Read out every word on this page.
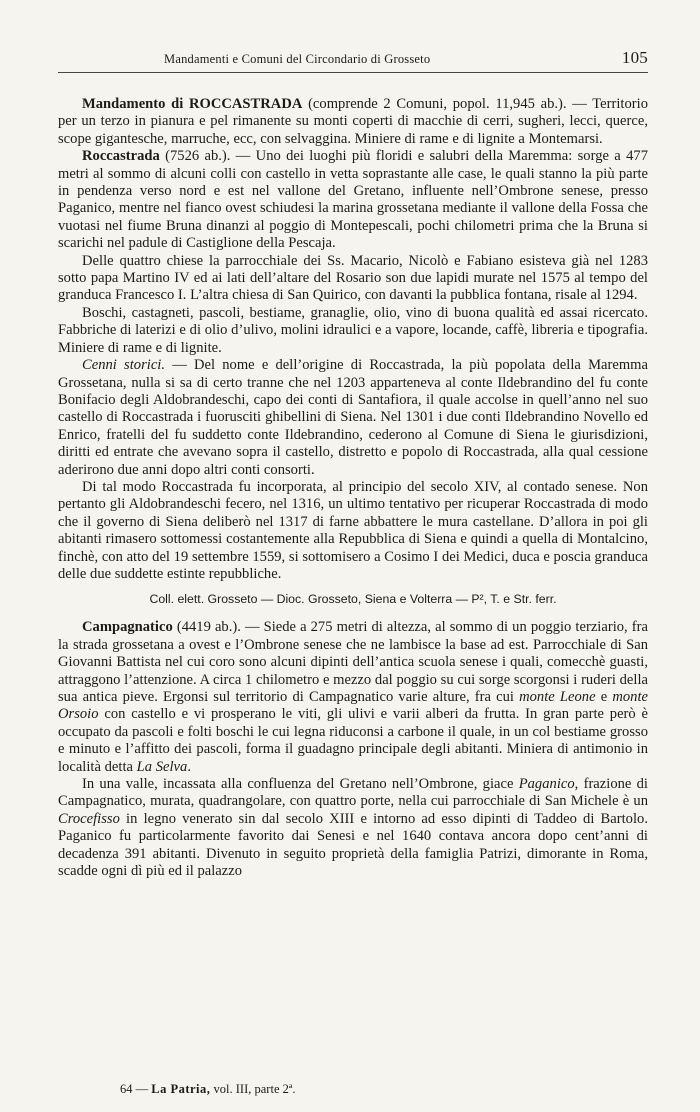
Mandamenti e Comuni del Circondario di Grosseto	105

Mandamento di ROCCASTRADA (comprende 2 Comuni, popol. 11,945 ab.). — Territorio per un terzo in pianura e pel rimanente su monti coperti di macchie di cerri, sugheri, lecci, querce, scope gigantesche, marruche, ecc, con selvaggina. Miniere di rame e di lignite a Montemarsi.

Roccastrada (7526 ab.). — Uno dei luoghi più floridi e salubri della Maremma: sorge a 477 metri al sommo di alcuni colli con castello in vetta soprastante alle case, le quali stanno la più parte in pendenza verso nord e est nel vallone del Gretano, influente nell’Ombrone senese, presso Paganico, mentre nel fianco ovest schiudesi la marina grossetana mediante il vallone della Fossa che vuotasi nel fiume Bruna dinanzi al poggio di Montepescali, pochi chilometri prima che la Bruna si scarichi nel padule di Castiglione della Pescaja.

Delle quattro chiese la parrocchiale dei Ss. Macario, Nicolò e Fabiano esisteva già nel 1283 sotto papa Martino IV ed ai lati dell’altare del Rosario son due lapidi murate nel 1575 al tempo del granduca Francesco I. L’altra chiesa di San Quirico, con davanti la pubblica fontana, risale al 1294.

Boschi, castagneti, pascoli, bestiame, granaglie, olio, vino di buona qualità ed assai ricercato. Fabbriche di laterizi e di olio d’ulivo, molini idraulici e a vapore, locande, caffè, libreria e tipografia. Miniere di rame e di lignite.

Cenni storici. — Del nome e dell’origine di Roccastrada, la più popolata della Maremma Grossetana, nulla si sa di certo tranne che nel 1203 apparteneva al conte Ildebrandino del fu conte Bonifacio degli Aldobrandeschi, capo dei conti di Santafiora, il quale accolse in quell’anno nel suo castello di Roccastrada i fuorusciti ghibellini di Siena. Nel 1301 i due conti Ildebrandino Novello ed Enrico, fratelli del fu suddetto conte Ildebrandino, cederono al Comune di Siena le giurisdizioni, diritti ed entrate che avevano sopra il castello, distretto e popolo di Roccastrada, alla qual cessione aderirono due anni dopo altri conti consorti.

Di tal modo Roccastrada fu incorporata, al principio del secolo XIV, al contado senese. Non pertanto gli Aldobrandeschi fecero, nel 1316, un ultimo tentativo per ricuperar Roccastrada di modo che il governo di Siena deliberò nel 1317 di farne abbattere le mura castellane. D’allora in poi gli abitanti rimasero sottomessi costantemente alla Repubblica di Siena e quindi a quella di Montalcino, finchè, con atto del 19 settembre 1559, si sottomisero a Cosimo I dei Medici, duca e poscia granduca delle due suddette estinte repubbliche.

Coll. elett. Grosseto — Dioc. Grosseto, Siena e Volterra — P², T. e Str. ferr.

Campagnatico (4419 ab.). — Siede a 275 metri di altezza, al sommo di un poggio terziario, fra la strada grossetana a ovest e l’Ombrone senese che ne lambisce la base ad est. Parrocchiale di San Giovanni Battista nel cui coro sono alcuni dipinti dell’antica scuola senese i quali, comecchè guasti, attraggono l’attenzione. A circa 1 chilometro e mezzo dal poggio su cui sorge scorgonsi i ruderi della sua antica pieve. Ergonsi sul territorio di Campagnatico varie alture, fra cui monte Leone e monte Orsoio con castello e vi prosperano le viti, gli ulivi e varii alberi da frutta. In gran parte però è occupato da pascoli e folti boschi le cui legna riduconsi a carbone il quale, in un col bestiame grosso e minuto e l’affitto dei pascoli, forma il guadagno principale degli abitanti. Miniera di antimonio in località detta La Selva.

In una valle, incassata alla confluenza del Gretano nell’Ombrone, giace Paganico, frazione di Campagnatico, murata, quadrangolare, con quattro porte, nella cui parrocchiale di San Michele è un Crocefisso in legno venerato sin dal secolo XIII e intorno ad esso dipinti di Taddeo di Bartolo. Paganico fu particolarmente favorito dai Senesi e nel 1640 contava ancora dopo cent’anni di decadenza 391 abitanti. Divenuto in seguito proprietà della famiglia Patrizi, dimorante in Roma, scadde ogni dì più ed il palazzo

64 — La Patria, vol. III, parte 2ª.
